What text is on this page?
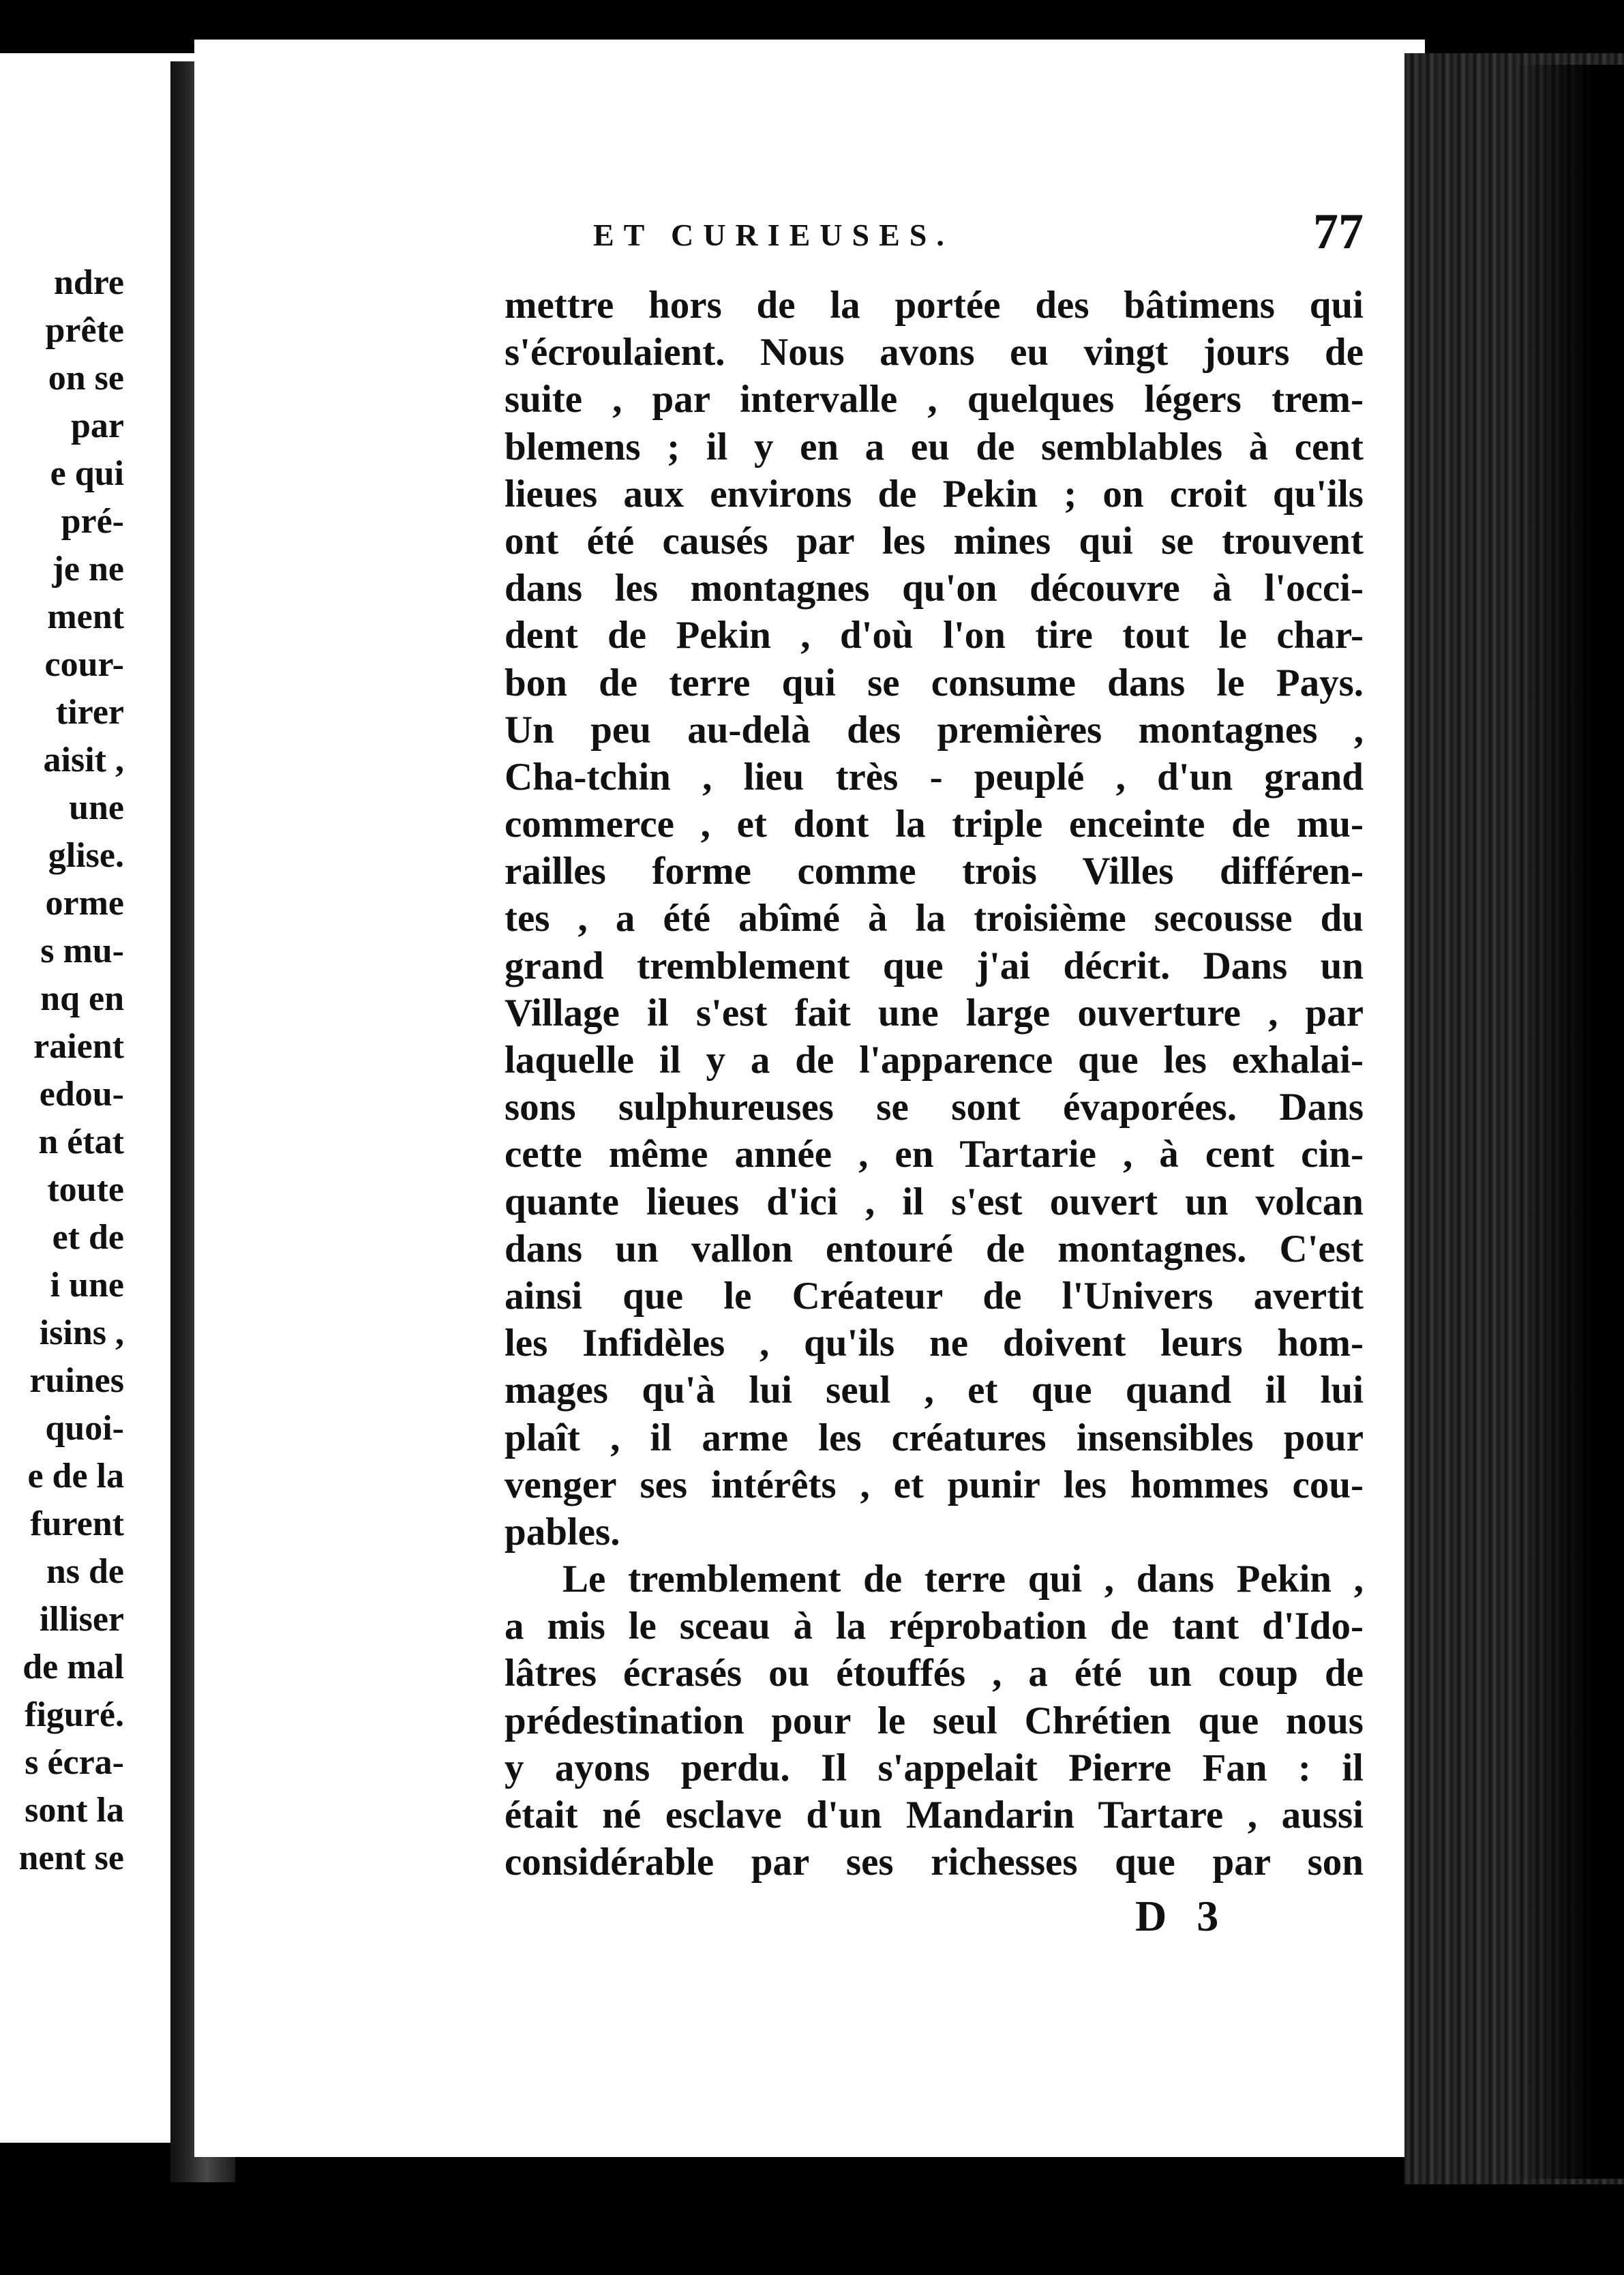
ndre
prête
on se
par
e qui
pré-
je ne
ment
cour-
tirer
aisit ,
une
glise.
orme
s mu-
nq en
raient
edou-
n état
toute
et de
i une
isins ,
ruines
quoi-
e de la
furent
ns de
illiser
de mal
figuré.
s écra-
sont la
nent se
ET CURIEUSES.	77
mettre hors de la portée des bâtimens qui
s'écroulaient. Nous avons eu vingt jours de
suite , par intervalle , quelques légers trem-
blemens ; il y en a eu de semblables à cent
lieues aux environs de Pekin ; on croit qu'ils
ont été causés par les mines qui se trouvent
dans les montagnes qu'on découvre à l'occi-
dent de Pekin , d'où l'on tire tout le char-
bon de terre qui se consume dans le Pays.
Un peu au-delà des premières montagnes ,
Cha-tchin , lieu très - peuplé , d'un grand
commerce , et dont la triple enceinte de mu-
railles forme comme trois Villes différen-
tes , a été abîmé à la troisième secousse du
grand tremblement que j'ai décrit. Dans un
Village il s'est fait une large ouverture , par
laquelle il y a de l'apparence que les exhalai-
sons sulphureuses se sont évaporées. Dans
cette même année , en Tartarie , à cent cin-
quante lieues d'ici , il s'est ouvert un volcan
dans un vallon entouré de montagnes. C'est
ainsi que le Créateur de l'Univers avertit
les Infidèles , qu'ils ne doivent leurs hom-
mages qu'à lui seul , et que quand il lui
plaît , il arme les créatures insensibles pour
venger ses intérêts , et punir les hommes cou-
pables.
Le tremblement de terre qui , dans Pekin ,
a mis le sceau à la réprobation de tant d'Ido-
lâtres écrasés ou étouffés , a été un coup de
prédestination pour le seul Chrétien que nous
y ayons perdu. Il s'appelait Pierre Fan : il
était né esclave d'un Mandarin Tartare , aussi
considérable par ses richesses que par son
D 3
